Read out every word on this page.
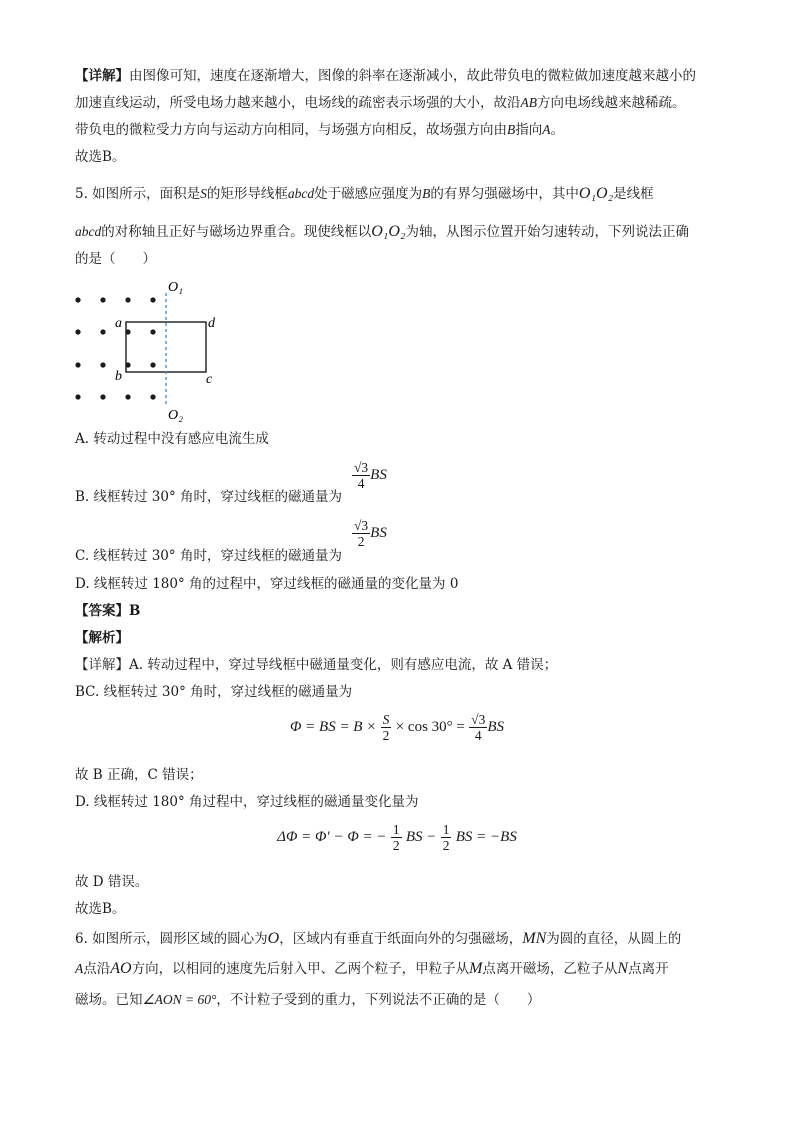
【详解】由图像可知，速度在逐渐增大，图像的斜率在逐渐减小，故此带负电的微粒做加速度越来越小的
加速直线运动，所受电场力越来越小，电场线的疏密表示场强的大小，故沿AB方向电场线越来越稀疏。
带负电的微粒受力方向与运动方向相同，与场强方向相反，故场强方向由B指向A。
故选B。
5. 如图所示，面积是S的矩形导线框abcd处于磁感应强度为B的有界匀强磁场中，其中O₁O₂是线框
abcd的对称轴且正好与磁场边界重合。现使线框以O₁O₂为轴，从图示位置开始匀速转动，下列说法正确
的是（　　）
O₁
O₂
a
b	c
d
A. 转动过程中没有感应电流生成
B. 线框转过 30° 角时，穿过线框的磁通量为
$\frac{√3}{4}$ BS
C. 线框转过 30° 角时，穿过线框的磁通量为
$\frac{√3}{2}$ BS
D. 线框转过 180° 角的过程中，穿过线框的磁通量的变化量为 0
【答案】B
【解析】
【详解】A. 转动过程中，穿过导线框中磁通量变化，则有感应电流，故 A 错误；
BC. 线框转过 30° 角时，穿过线框的磁通量为
Φ = BS = $B \times \frac{S}{2} \times \cos 30^\circ = \frac{√3}{4}$ BS
故 B 正确，C 错误；
D. 线框转过 180° 角过程中，穿过线框的磁通量变化量为
ΔΦ = Φ′ − Φ = − $\frac{1}{2}$ BS − $\frac{1}{2}$ BS = −BS
故 D 错误。
故选B。
6. 如图所示，圆形区域的圆心为O，区域内有垂直于纸面向外的匀强磁场，MN为圆的直径，从圆上的
A点沿AO方向，以相同的速度先后射入甲、乙两个粒子，甲粒子从M点离开磁场，乙粒子从N点离开
磁场。已知∠AON = 60°，不计粒子受到的重力，下列说法不正确的是（　　）
